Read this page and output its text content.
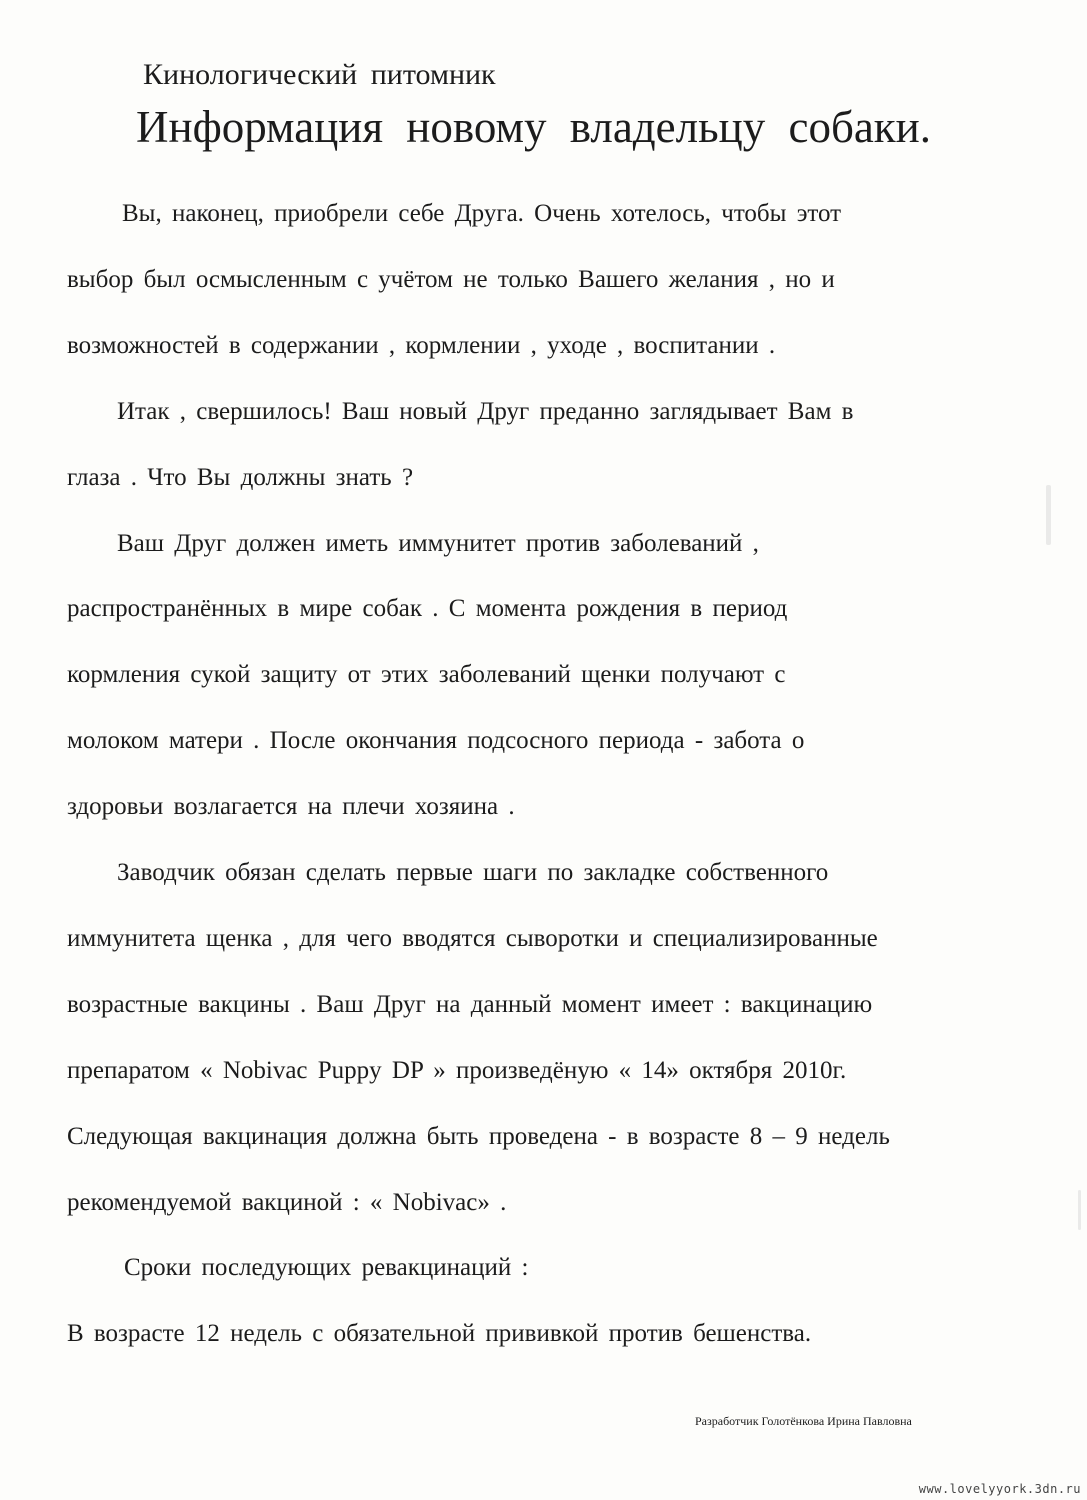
Кинологический питомник
Информация новому владельцу собаки.
Вы, наконец, приобрели себе Друга. Очень хотелось, чтобы этот
выбор был осмысленным с учётом не только Вашего желания , но и
возможностей в содержании , кормлении , уходе , воспитании .
Итак , свершилось! Ваш новый Друг преданно заглядывает Вам в
глаза . Что Вы должны знать ?
Ваш Друг должен иметь иммунитет против заболеваний ,
распространённых в мире собак . С момента рождения в период
кормления сукой защиту от этих заболеваний щенки получают с
молоком матери . После окончания подсосного периода - забота о
здоровьи возлагается на плечи хозяина .
Заводчик обязан сделать первые шаги по закладке собственного
иммунитета щенка , для чего вводятся сыворотки и специализированные
возрастные вакцины . Ваш Друг на данный момент имеет : вакцинацию
препаратом « Nobivac Puppy DP » произведёную « 14» октября 2010г.
Следующая вакцинация должна быть проведена - в возрасте 8 – 9 недель
рекомендуемой вакциной : « Nobivac» .
Сроки последующих ревакцинаций :
В возрасте 12 недель с обязательной прививкой против бешенства.
Разработчик Голотёнкова Ирина Павловна
www.lovelyyork.3dn.ru
